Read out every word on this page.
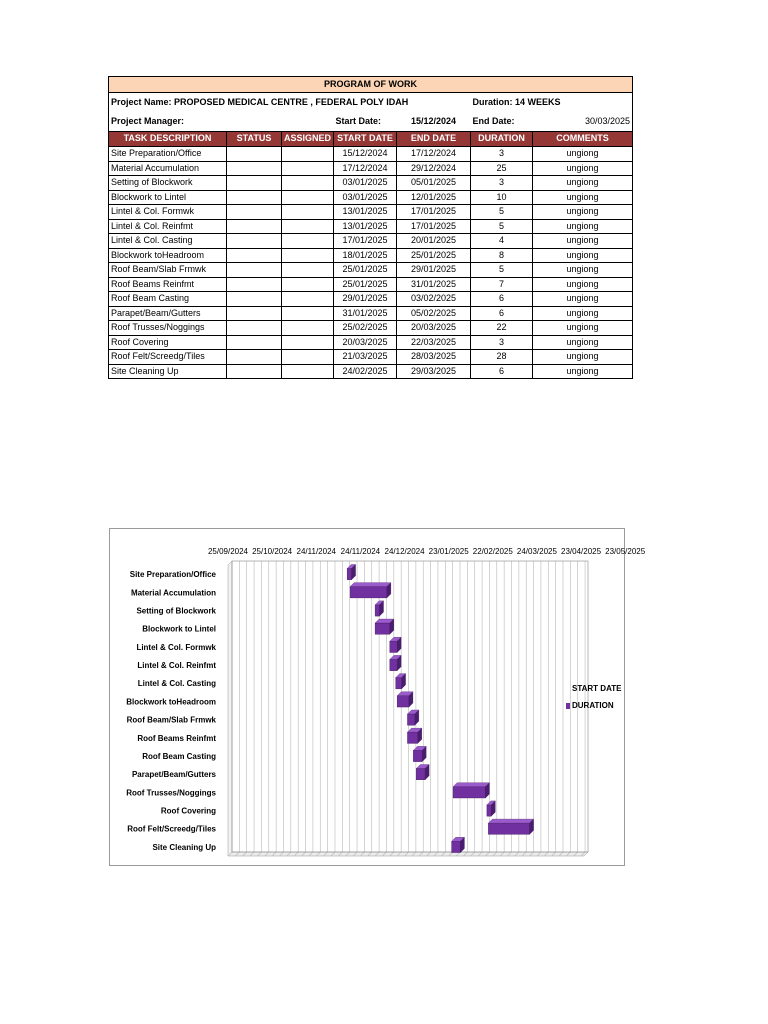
PROGRAM OF WORK						
Project Name: PROPOSED MEDICAL CENTRE , FEDERAL POLY IDAH					Duration: 14 WEEKS	
Project Manager:			Start Date:	15/12/2024	End Date:	30/03/2025
TASK DESCRIPTION	STATUS	ASSIGNED	START DATE	END DATE	DURATION	COMMENTS
Site Preparation/Office			15/12/2024	17/12/2024	3	ungiong
Material Accumulation			17/12/2024	29/12/2024	25	ungiong
Setting of Blockwork			03/01/2025	05/01/2025	3	ungiong
Blockwork to Lintel			03/01/2025	12/01/2025	10	ungiong
Lintel & Col. Formwk			13/01/2025	17/01/2025	5	ungiong
Lintel & Col. Reinfmt			13/01/2025	17/01/2025	5	ungiong
Lintel & Col. Casting			17/01/2025	20/01/2025	4	ungiong
Blockwork toHeadroom			18/01/2025	25/01/2025	8	ungiong
Roof Beam/Slab Frmwk			25/01/2025	29/01/2025	5	ungiong
Roof Beams Reinfmt			25/01/2025	31/01/2025	7	ungiong
Roof Beam Casting			29/01/2025	03/02/2025	6	ungiong
Parapet/Beam/Gutters			31/01/2025	05/02/2025	6	ungiong
Roof Trusses/Noggings			25/02/2025	20/03/2025	22	ungiong
Roof Covering			20/03/2025	22/03/2025	3	ungiong
Roof Felt/Screedg/Tiles			21/03/2025	28/03/2025	28	ungiong
Site Cleaning Up			24/02/2025	29/03/2025	6	ungiong
25/09/2024 25/10/2024 24/11/2024 24/11/2024 24/12/2024 23/01/2025 22/02/2025 24/03/2025 23/04/2025 23/05/2025
Site Preparation/Office
Material Accumulation
Setting of Blockwork
Blockwork to Lintel
Lintel & Col. Formwk
Lintel & Col. Reinfmt
Lintel & Col. Casting
Blockwork toHeadroom
Roof Beam/Slab Frmwk
Roof Beams Reinfmt
Roof Beam Casting
Parapet/Beam/Gutters
Roof Trusses/Noggings
Roof Covering
Roof Felt/Screedg/Tiles
Site Cleaning Up
START DATE
DURATION
